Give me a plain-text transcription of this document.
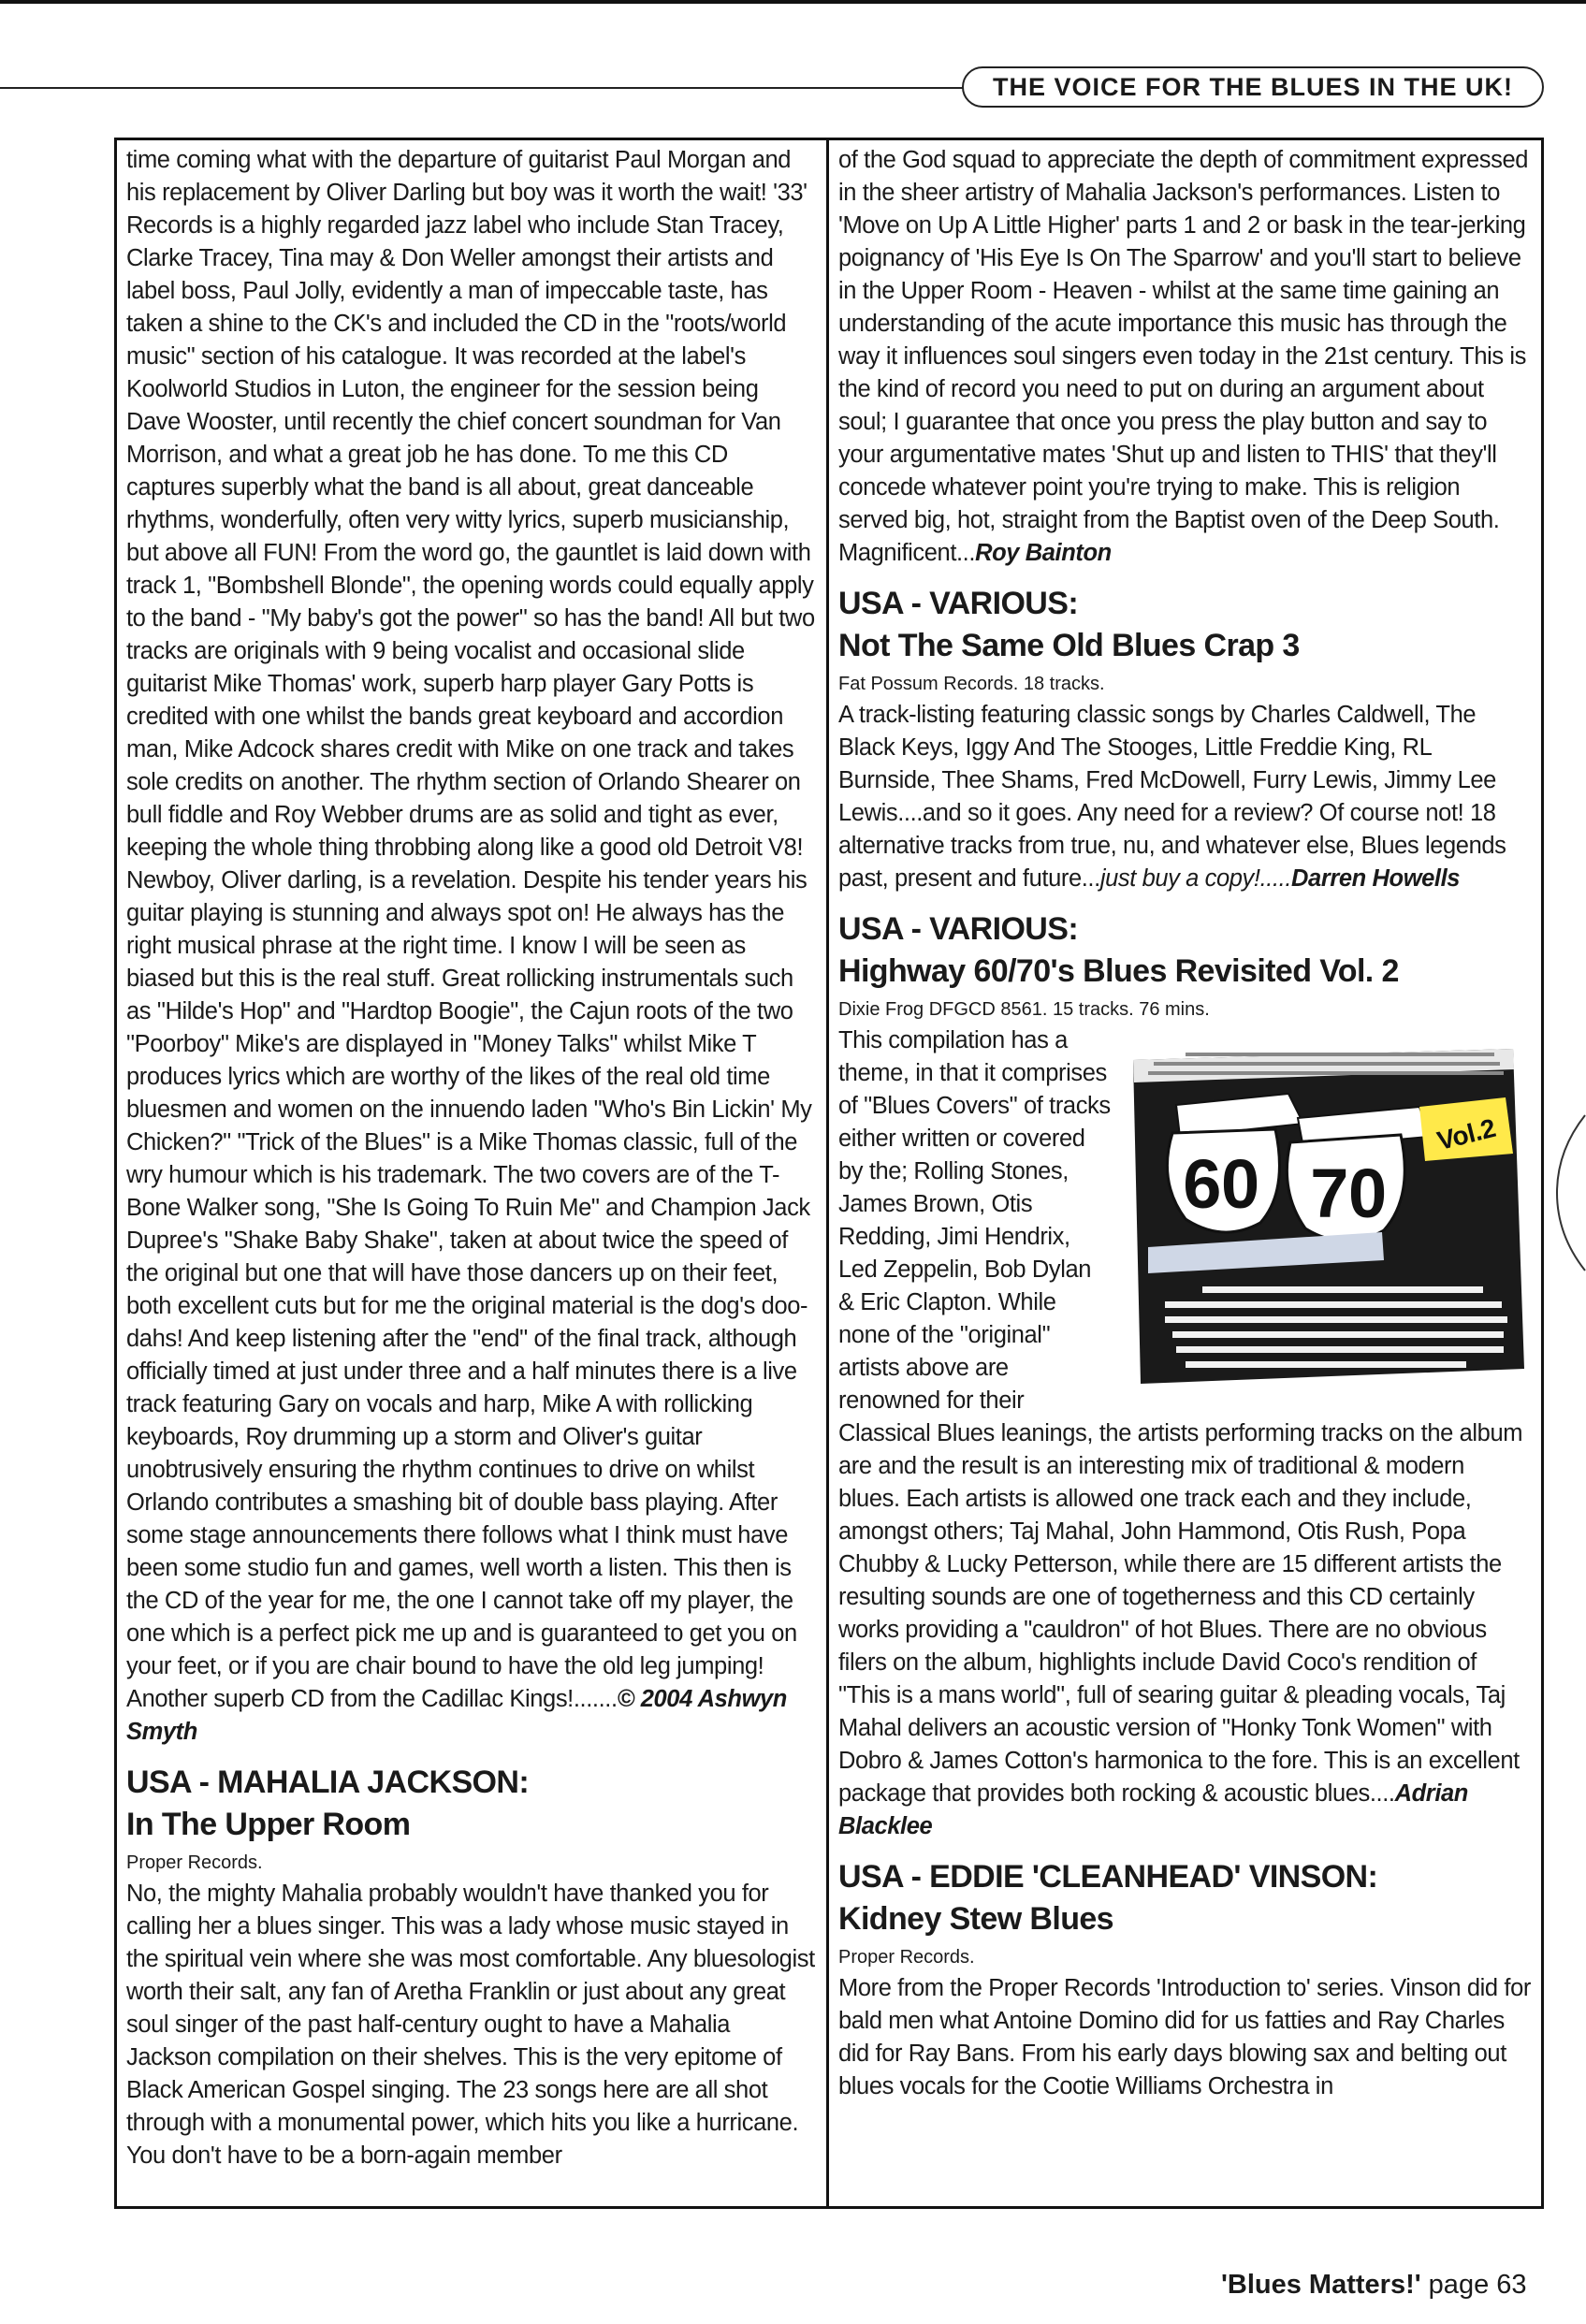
THE VOICE FOR THE BLUES IN THE UK!

time coming what with the departure of guitarist Paul Morgan and his replacement by Oliver Darling but boy was it worth the wait! '33' Records is a highly regarded jazz label who include Stan Tracey, Clarke Tracey, Tina may & Don Weller amongst their artists and label boss, Paul Jolly, evidently a man of impeccable taste, has taken a shine to the CK's and included the CD in the "roots/world music" section of his catalogue. It was recorded at the label's Koolworld Studios in Luton, the engineer for the session being Dave Wooster, until recently the chief concert soundman for Van Morrison, and what a great job he has done. To me this CD captures superbly what the band is all about, great danceable rhythms, wonderfully, often very witty lyrics, superb musicianship, but above all FUN! From the word go, the gauntlet is laid down with track 1, "Bombshell Blonde", the opening words could equally apply to the band - "My baby's got the power" so has the band! All but two tracks are originals with 9 being vocalist and occasional slide guitarist Mike Thomas' work, superb harp player Gary Potts is credited with one whilst the bands great keyboard and accordion man, Mike Adcock shares credit with Mike on one track and takes sole credits on another. The rhythm section of Orlando Shearer on bull fiddle and Roy Webber drums are as solid and tight as ever, keeping the whole thing throbbing along like a good old Detroit V8! Newboy, Oliver darling, is a revelation. Despite his tender years his guitar playing is stunning and always spot on! He always has the right musical phrase at the right time. I know I will be seen as biased but this is the real stuff. Great rollicking instrumentals such as "Hilde's Hop" and "Hardtop Boogie", the Cajun roots of the two "Poorboy" Mike's are displayed in "Money Talks" whilst Mike T produces lyrics which are worthy of the likes of the real old time bluesmen and women on the innuendo laden "Who's Bin Lickin' My Chicken?" "Trick of the Blues" is a Mike Thomas classic, full of the wry humour which is his trademark. The two covers are of the T-Bone Walker song, "She Is Going To Ruin Me" and Champion Jack Dupree's "Shake Baby Shake", taken at about twice the speed of the original but one that will have those dancers up on their feet, both excellent cuts but for me the original material is the dog's doo-dahs! And keep listening after the "end" of the final track, although officially timed at just under three and a half minutes there is a live track featuring Gary on vocals and harp, Mike A with rollicking keyboards, Roy drumming up a storm and Oliver's guitar unobtrusively ensuring the rhythm continues to drive on whilst Orlando contributes a smashing bit of double bass playing. After some stage announcements there follows what I think must have been some studio fun and games, well worth a listen. This then is the CD of the year for me, the one I cannot take off my player, the one which is a perfect pick me up and is guaranteed to get you on your feet, or if you are chair bound to have the old leg jumping! Another superb CD from the Cadillac Kings!.......© 2004 Ashwyn Smyth

USA - MAHALIA JACKSON:
In The Upper Room

Proper Records.

No, the mighty Mahalia probably wouldn't have thanked you for calling her a blues singer. This was a lady whose music stayed in the spiritual vein where she was most comfortable. Any bluesologist worth their salt, any fan of Aretha Franklin or just about any great soul singer of the past half-century ought to have a Mahalia Jackson compilation on their shelves. This is the very epitome of Black American Gospel singing. The 23 songs here are all shot through with a monumental power, which hits you like a hurricane. You don't have to be a born-again member

of the God squad to appreciate the depth of commitment expressed in the sheer artistry of Mahalia Jackson's performances. Listen to 'Move on Up A Little Higher' parts 1 and 2 or bask in the tear-jerking poignancy of 'His Eye Is On The Sparrow' and you'll start to believe in the Upper Room - Heaven - whilst at the same time gaining an understanding of the acute importance this music has through the way it influences soul singers even today in the 21st century. This is the kind of record you need to put on during an argument about soul; I guarantee that once you press the play button and say to your argumentative mates 'Shut up and listen to THIS' that they'll concede whatever point you're trying to make. This is religion served big, hot, straight from the Baptist oven of the Deep South. Magnificent...Roy Bainton

USA - VARIOUS:
Not The Same Old Blues Crap 3

Fat Possum Records. 18 tracks.

A track-listing featuring classic songs by Charles Caldwell, The Black Keys, Iggy And The Stooges, Little Freddie King, RL Burnside, Thee Shams, Fred McDowell, Furry Lewis, Jimmy Lee Lewis....and so it goes. Any need for a review? Of course not! 18 alternative tracks from true, nu, and whatever else, Blues legends past, present and future...just buy a copy!.....Darren Howells

USA - VARIOUS:
Highway 60/70's Blues Revisited Vol. 2

Dixie Frog DFGCD 8561. 15 tracks. 76 mins.

60 70
Vol.2
This compilation has a theme, in that it comprises of "Blues Covers" of tracks either written or covered by the; Rolling Stones, James Brown, Otis Redding, Jimi Hendrix, Led Zeppelin, Bob Dylan & Eric Clapton. While none of the "original" artists above are renowned for their Classical Blues leanings, the artists performing tracks on the album are and the result is an interesting mix of traditional & modern blues. Each artists is allowed one track each and they include, amongst others; Taj Mahal, John Hammond, Otis Rush, Popa Chubby & Lucky Petterson, while there are 15 different artists the resulting sounds are one of togetherness and this CD certainly works providing a "cauldron" of hot Blues. There are no obvious filers on the album, highlights include David Coco's rendition of "This is a mans world", full of searing guitar & pleading vocals, Taj Mahal delivers an acoustic version of "Honky Tonk Women" with Dobro & James Cotton's harmonica to the fore. This is an excellent package that provides both rocking & acoustic blues....Adrian Blacklee
USA - EDDIE 'CLEANHEAD' VINSON:
Kidney Stew Blues

Proper Records.

More from the Proper Records 'Introduction to' series. Vinson did for bald men what Antoine Domino did for us fatties and Ray Charles did for Ray Bans. From his early days blowing sax and belting out blues vocals for the Cootie Williams Orchestra in

'Blues Matters!' page 63
